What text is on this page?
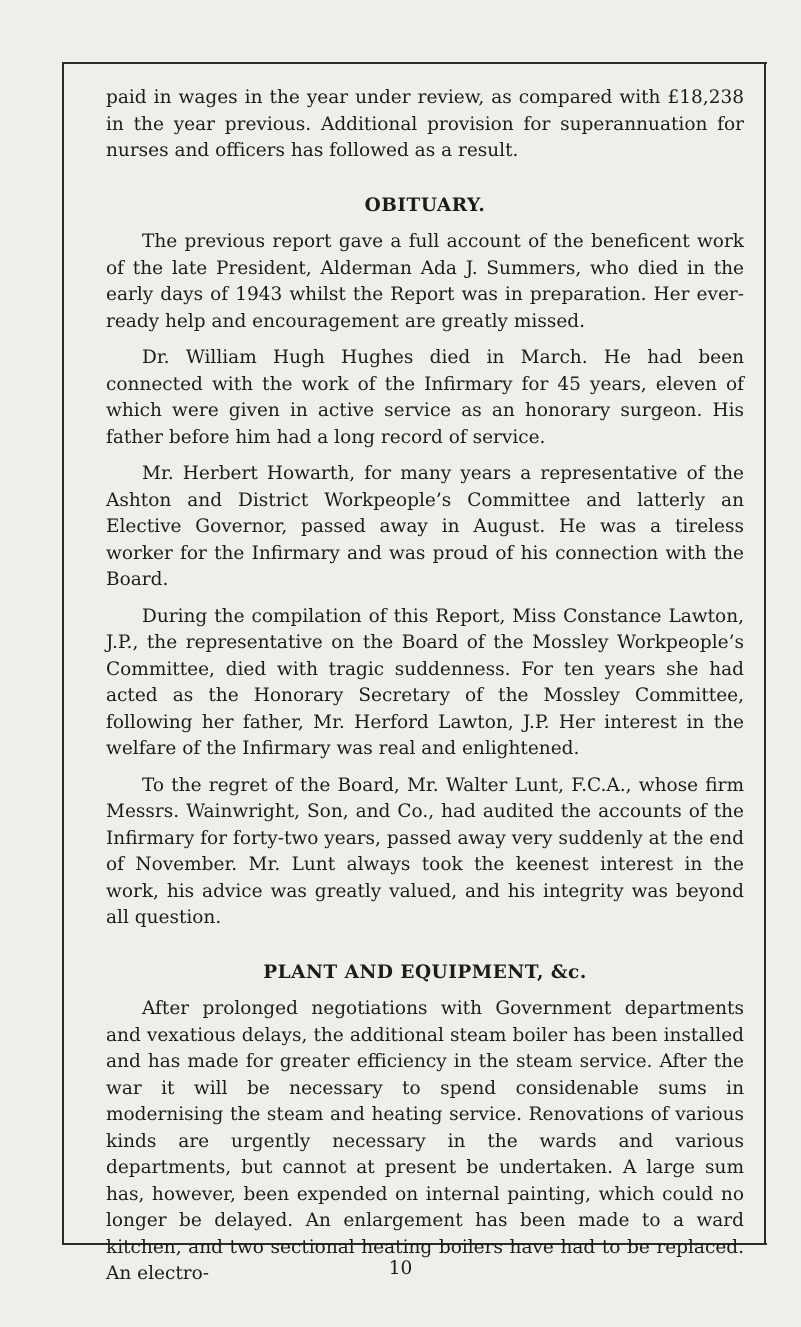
paid in wages in the year under review, as compared with £18,238 in the year previous. Additional provision for superannuation for nurses and officers has followed as a result.

OBITUARY.

The previous report gave a full account of the beneficent work of the late President, Alderman Ada J. Summers, who died in the early days of 1943 whilst the Report was in preparation. Her ever-ready help and encouragement are greatly missed.

Dr. William Hugh Hughes died in March. He had been connected with the work of the Infirmary for 45 years, eleven of which were given in active service as an honorary surgeon. His father before him had a long record of service.

Mr. Herbert Howarth, for many years a representative of the Ashton and District Workpeople’s Committee and latterly an Elective Governor, passed away in August. He was a tireless worker for the Infirmary and was proud of his connection with the Board.

During the compilation of this Report, Miss Constance Lawton, J.P., the representative on the Board of the Mossley Workpeople’s Committee, died with tragic suddenness. For ten years she had acted as the Honorary Secretary of the Mossley Committee, following her father, Mr. Herford Lawton, J.P. Her interest in the welfare of the Infirmary was real and enlightened.

To the regret of the Board, Mr. Walter Lunt, F.C.A., whose firm Messrs. Wainwright, Son, and Co., had audited the accounts of the Infirmary for forty-two years, passed away very suddenly at the end of November. Mr. Lunt always took the keenest interest in the work, his advice was greatly valued, and his integrity was beyond all question.

PLANT AND EQUIPMENT, &c.

After prolonged negotiations with Government departments and vexatious delays, the additional steam boiler has been installed and has made for greater efficiency in the steam service. After the war it will be necessary to spend considenable sums in modernising the steam and heating service. Renovations of various kinds are urgently necessary in the wards and various departments, but cannot at present be undertaken. A large sum has, however, been expended on internal painting, which could no longer be delayed. An enlargement has been made to a ward kitchen, and two sectional heating boilers have had to be replaced. An electro-	10
